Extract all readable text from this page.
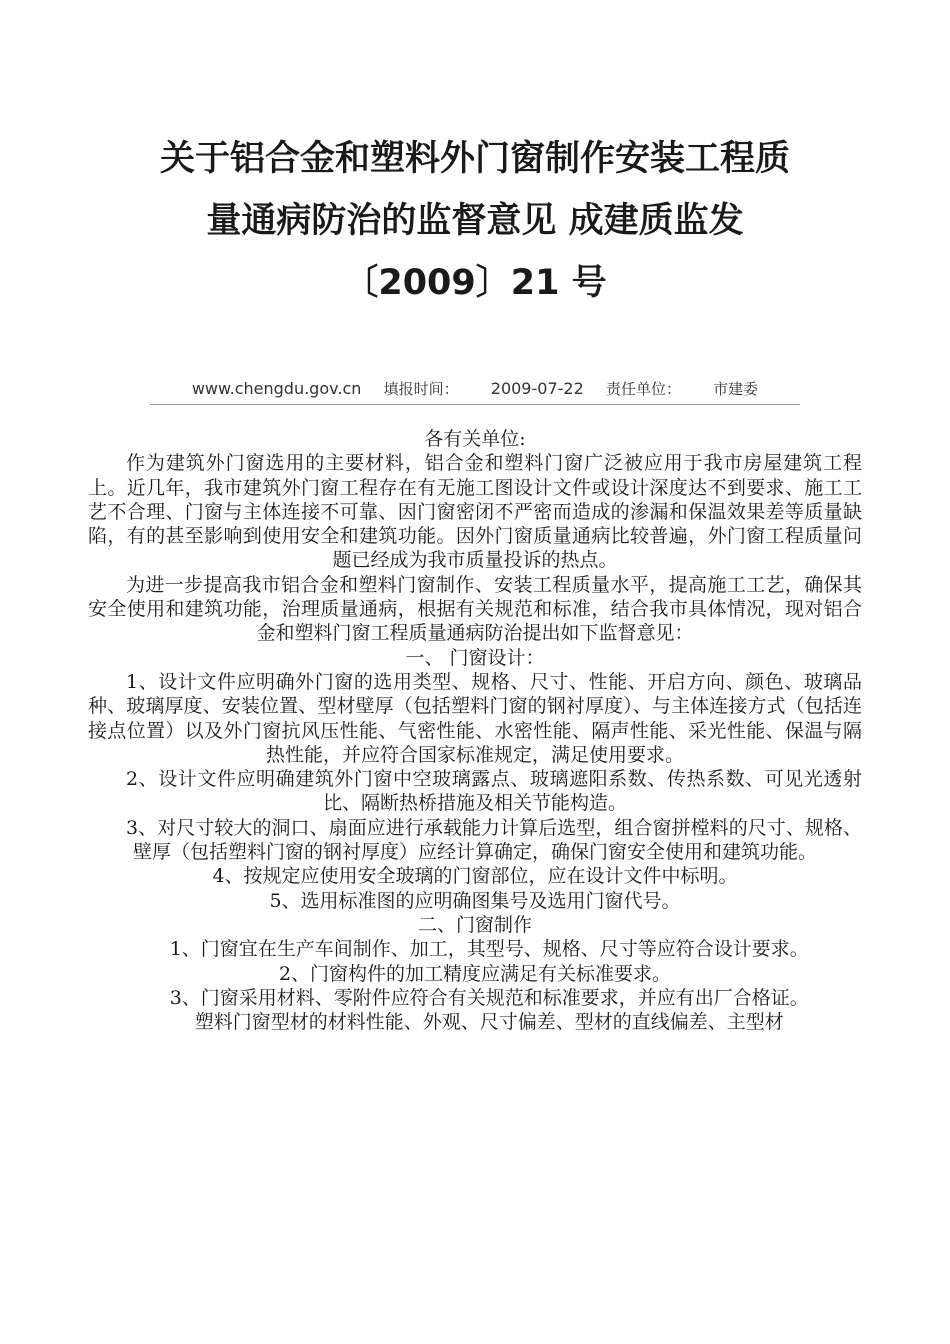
关于铝合金和塑料外门窗制作安装工程质
量通病防治的监督意见 成建质监发
〔2009〕21 号
www.chengdu.gov.cn 填报时间： 2009-07-22 责任单位： 市建委

各有关单位:

作为建筑外门窗选用的主要材料，铝合金和塑料门窗广泛被应用于我市房屋建筑工程上。近几年，我市建筑外门窗工程存在有无施工图设计文件或设计深度达不到要求、施工工艺不合理、门窗与主体连接不可靠、因门窗密闭不严密而造成的渗漏和保温效果差等质量缺陷，有的甚至影响到使用安全和建筑功能。因外门窗质量通病比较普遍，外门窗工程质量问题已经成为我市质量投诉的热点。

为进一步提高我市铝合金和塑料门窗制作、安装工程质量水平，提高施工工艺，确保其安全使用和建筑功能，治理质量通病，根据有关规范和标准，结合我市具体情况，现对铝合金和塑料门窗工程质量通病防治提出如下监督意见：

一、 门窗设计：

1、设计文件应明确外门窗的选用类型、规格、尺寸、性能、开启方向、颜色、玻璃品种、玻璃厚度、安装位置、型材壁厚（包括塑料门窗的钢衬厚度）、与主体连接方式（包括连接点位置）以及外门窗抗风压性能、气密性能、水密性能、隔声性能、采光性能、保温与隔热性能，并应符合国家标准规定，满足使用要求。

2、设计文件应明确建筑外门窗中空玻璃露点、玻璃遮阳系数、传热系数、可见光透射比、隔断热桥措施及相关节能构造。

3、对尺寸较大的洞口、扇面应进行承载能力计算后选型，组合窗拼樘料的尺寸、规格、壁厚（包括塑料门窗的钢衬厚度）应经计算确定，确保门窗安全使用和建筑功能。

4、按规定应使用安全玻璃的门窗部位，应在设计文件中标明。

5、选用标准图的应明确图集号及选用门窗代号。

二、门窗制作

1、门窗宜在生产车间制作、加工，其型号、规格、尺寸等应符合设计要求。

2、门窗构件的加工精度应满足有关标准要求。

3、门窗采用材料、零附件应符合有关规范和标准要求，并应有出厂合格证。

塑料门窗型材的材料性能、外观、尺寸偏差、型材的直线偏差、主型材
